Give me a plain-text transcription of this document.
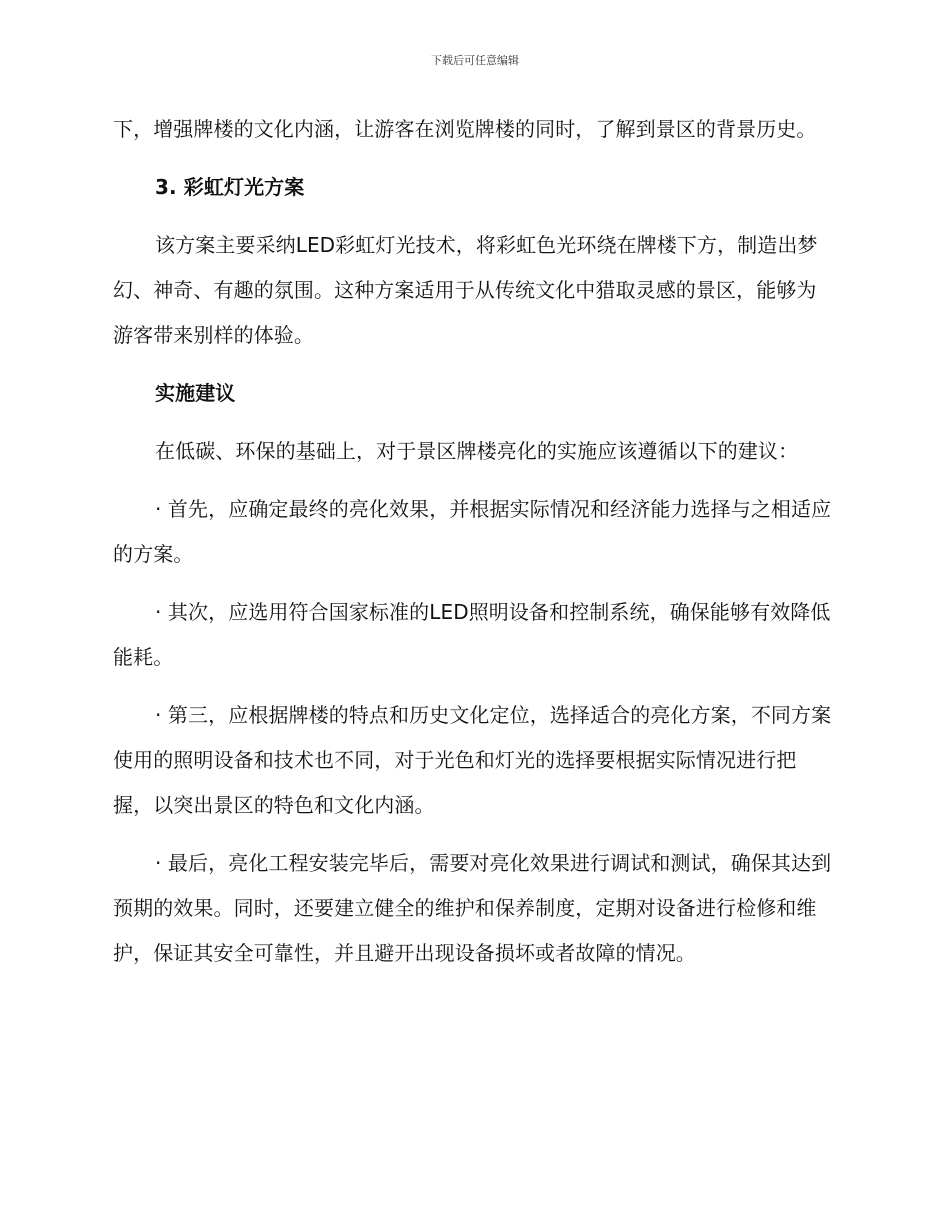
下载后可任意编辑

下，增强牌楼的文化内涵，让游客在浏览牌楼的同时，了解到景区的背景历史。

3. 彩虹灯光方案

该方案主要采纳LED彩虹灯光技术，将彩虹色光环绕在牌楼下方，制造出梦幻、神奇、有趣的氛围。这种方案适用于从传统文化中猎取灵感的景区，能够为游客带来别样的体验。

实施建议

在低碳、环保的基础上，对于景区牌楼亮化的实施应该遵循以下的建议：

· 首先，应确定最终的亮化效果，并根据实际情况和经济能力选择与之相适应的方案。

· 其次，应选用符合国家标准的LED照明设备和控制系统，确保能够有效降低能耗。

· 第三，应根据牌楼的特点和历史文化定位，选择适合的亮化方案，不同方案使用的照明设备和技术也不同，对于光色和灯光的选择要根据实际情况进行把握，以突出景区的特色和文化内涵。

· 最后，亮化工程安装完毕后，需要对亮化效果进行调试和测试，确保其达到预期的效果。同时，还要建立健全的维护和保养制度，定期对设备进行检修和维护，保证其安全可靠性，并且避开出现设备损坏或者故障的情况。
